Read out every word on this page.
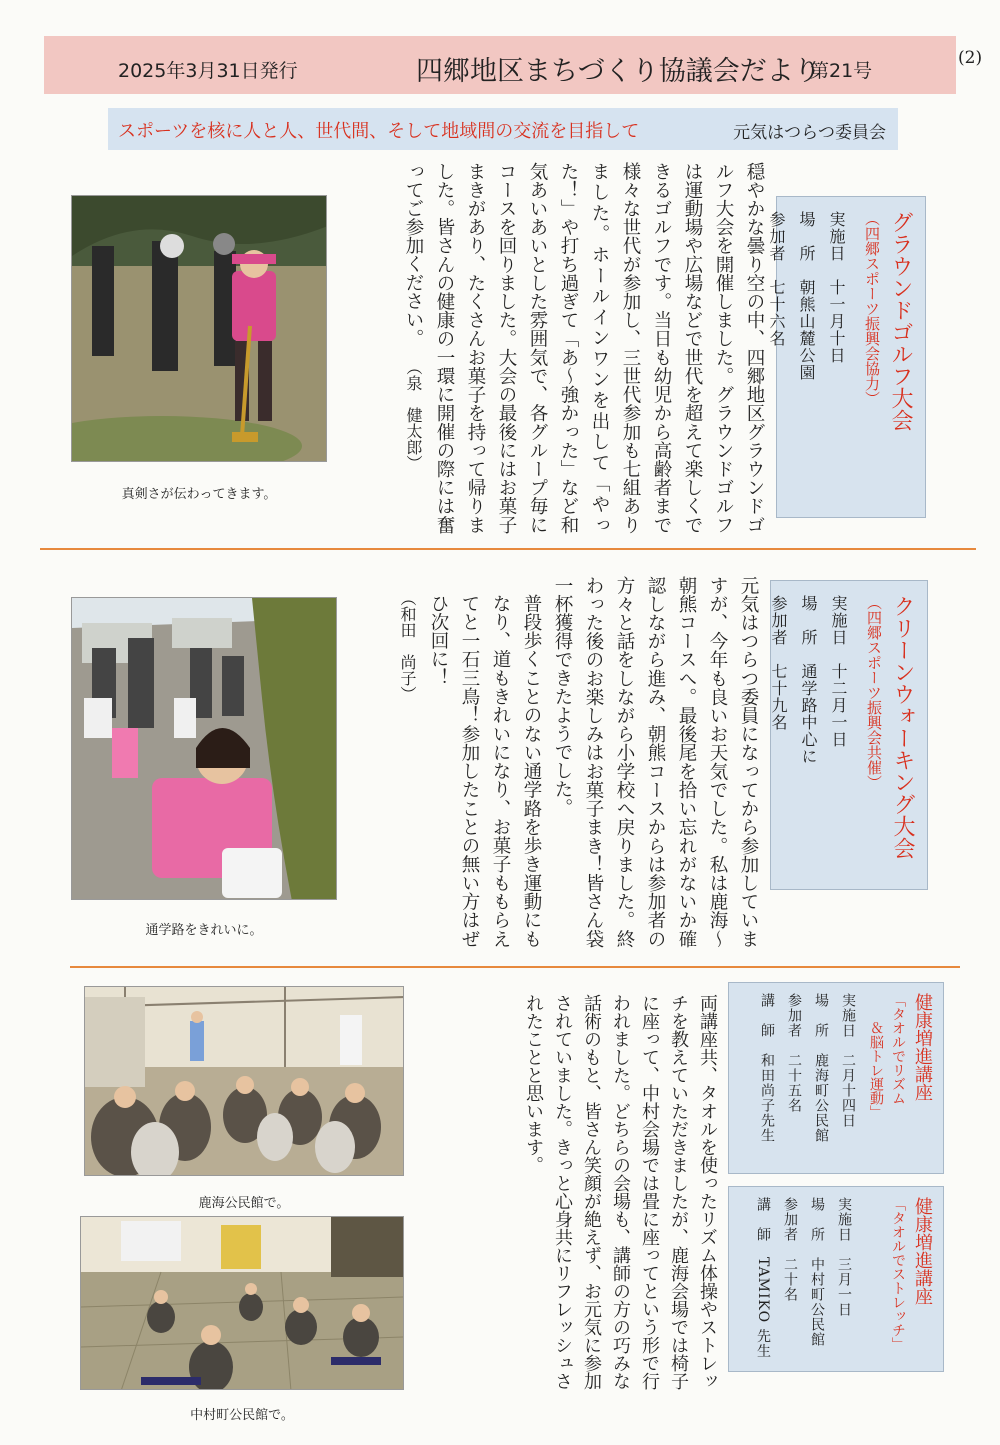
(2)
2025年3月31日発行	四郷地区まちづくり協議会だより
第21号
スポーツを核に人と人、世代間、そして地域間の交流を目指して	元気はつらつ委員会
グラウンドゴルフ大会
（四郷スポーツ振興会協力）
実施日　十一月十日
場　所　朝熊山麓公園
参加者　七十六名
穏やかな曇り空の中、四郷地区グラウンドゴルフ大会を開催しました。グラウンドゴルフは運動場や広場などで世代を超えて楽しくできるゴルフです。当日も幼児から高齢者まで様々な世代が参加し、三世代参加も七組ありました。ホールインワンを出して「やった！」や打ち過ぎて「あ〜強かった」など和気あいあいとした雰囲気で、各グループ毎にコースを回りました。大会の最後にはお菓子まきがあり、たくさんお菓子を持って帰りました。皆さんの健康の一環に開催の際には奮ってご参加ください。（泉　健太郎）
真剣さが伝わってきます。
クリーンウォーキング大会
（四郷スポーツ振興会共催）
実施日　十二月一日
場　所　通学路中心に
参加者　七十九名

元気はつらつ委員になってから参加していますが、今年も良いお天気でした。私は鹿海〜朝熊コースへ。最後尾を拾い忘れがないか確認しながら進み、朝熊コースからは参加者の方々と話をしながら小学校へ戻りました。終わった後のお楽しみはお菓子まき！皆さん袋一杯獲得できたようでした。

普段歩くことのない通学路を歩き運動にもなり、道もきれいになり、お菓子ももらえてと一石三鳥！参加したことの無い方はぜひ次回に！（和田　尚子）

通学路をきれいに。
健康増進講座
「タオルでリズム
＆脳トレ運動」
実施日　二月十四日
場　所　鹿海町公民館
参加者　二十五名
講　師　和田尚子先生
健康増進講座
「タオルでストレッチ」
実施日　三月一日
場　所　中村町公民館
参加者　二十名
講　師　TAMIKO 先生
両講座共、タオルを使ったリズム体操やストレッチを教えていただきましたが、鹿海会場では椅子に座って、中村会場では畳に座ってという形で行われました。どちらの会場も、講師の方の巧みな話術のもと、皆さん笑顔が絶えず、お元気に参加されていました。きっと心身共にリフレッシュされたことと思います。
鹿海公民館で。
中村町公民館で。
